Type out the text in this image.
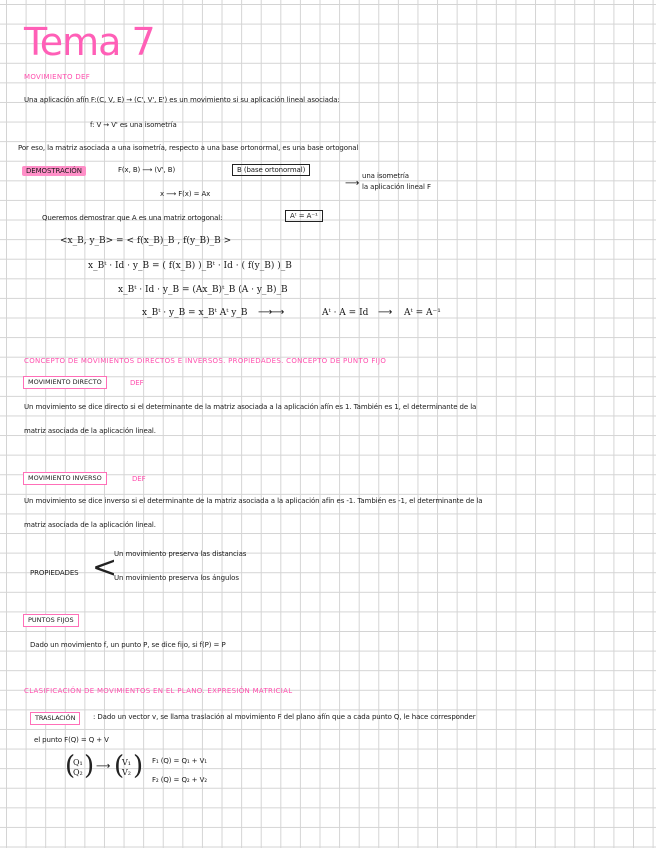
Tema 7
MOVIMIENTO DEF
Una aplicación afín F:(C, V, E) → (C', V', E') es un movimiento si su aplicación lineal asociada:
f: V → V' es una isometría
Por eso, la matriz asociada a una isometría, respecto a una base ortonormal, es una base ortogonal
DEMOSTRACIÓN	F(x, B) ⟶ (V', B)	B (base ortonormal)
x ⟶ F(x) = Ax
⟶
una isometría
la aplicación lineal F
Queremos demostrar que A es una matriz ortogonal:	Aᵗ = A⁻¹
<x_B, y_B> = < f(x_B)_B , f(y_B)_B >
x_Bᵗ · Id · y_B = ( f(x_B) )_Bᵗ · Id · ( f(y_B) )_B
x_Bᵗ · Id · y_B = (Ax_B)ᵗ_B (A · y_B)_B
x_Bᵗ · y_B = x_Bᵗ Aᵗ y_B ⟶
⟶	Aᵗ · A = Id ⟶ Aᵗ = A⁻¹
CONCEPTO DE MOVIMIENTOS DIRECTOS E INVERSOS. PROPIEDADES. CONCEPTO DE PUNTO FIJO
MOVIMIENTO DIRECTO	DEF
Un movimiento se dice directo si el determinante de la matriz asociada a la aplicación afín es 1. También es 1, el determinante de la
matriz asociada de la aplicación lineal.
MOVIMIENTO INVERSO	DEF
Un movimiento se dice inverso si el determinante de la matriz asociada a la aplicación afín es -1. También es -1, el determinante de la
matriz asociada de la aplicación lineal.
PROPIEDADES <
Un movimiento preserva las distancias
Un movimiento preserva los ángulos
PUNTOS FIJOS
Dado un movimiento f, un punto P, se dice fijo, si f(P) = P
CLASIFICACIÓN DE MOVIMIENTOS EN EL PLANO. EXPRESIÓN MATRICIAL
TRASLACIÓN	: Dado un vector v, se llama traslación al movimiento F del plano afín que a cada punto Q, le hace corresponder
el punto F(Q) = Q + V
(
Q₁
Q₂ ) ⟶ (
V₁
V₂ ) F₁ (Q) = Q₁ + V₁
F₂ (Q) = Q₂ + V₂
